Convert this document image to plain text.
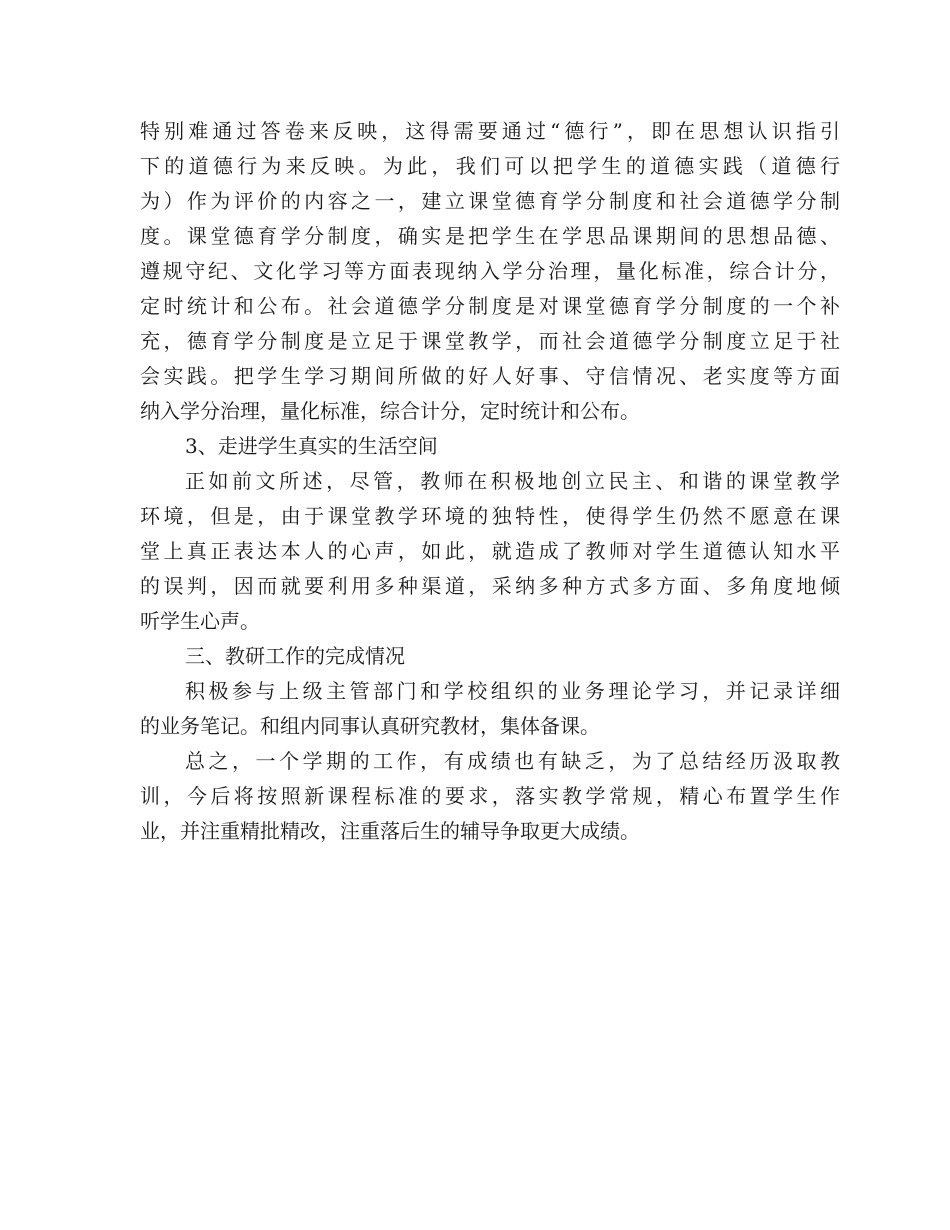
特别难通过答卷来反映，这得需要通过“德行”，即在思想认识指引

下的道德行为来反映。为此，我们可以把学生的道德实践（道德行

为）作为评价的内容之一，建立课堂德育学分制度和社会道德学分制

度。课堂德育学分制度，确实是把学生在学思品课期间的思想品德、

遵规守纪、文化学习等方面表现纳入学分治理，量化标准，综合计分，

定时统计和公布。社会道德学分制度是对课堂德育学分制度的一个补

充，德育学分制度是立足于课堂教学，而社会道德学分制度立足于社

会实践。把学生学习期间所做的好人好事、守信情况、老实度等方面

纳入学分治理，量化标准，综合计分，定时统计和公布。

3、走进学生真实的生活空间

正如前文所述，尽管，教师在积极地创立民主、和谐的课堂教学

环境，但是，由于课堂教学环境的独特性，使得学生仍然不愿意在课

堂上真正表达本人的心声，如此，就造成了教师对学生道德认知水平

的误判，因而就要利用多种渠道，采纳多种方式多方面、多角度地倾

听学生心声。

三、教研工作的完成情况

积极参与上级主管部门和学校组织的业务理论学习，并记录详细

的业务笔记。和组内同事认真研究教材，集体备课。

总之，一个学期的工作，有成绩也有缺乏，为了总结经历汲取教

训，今后将按照新课程标准的要求，落实教学常规，精心布置学生作

业，并注重精批精改，注重落后生的辅导争取更大成绩。
